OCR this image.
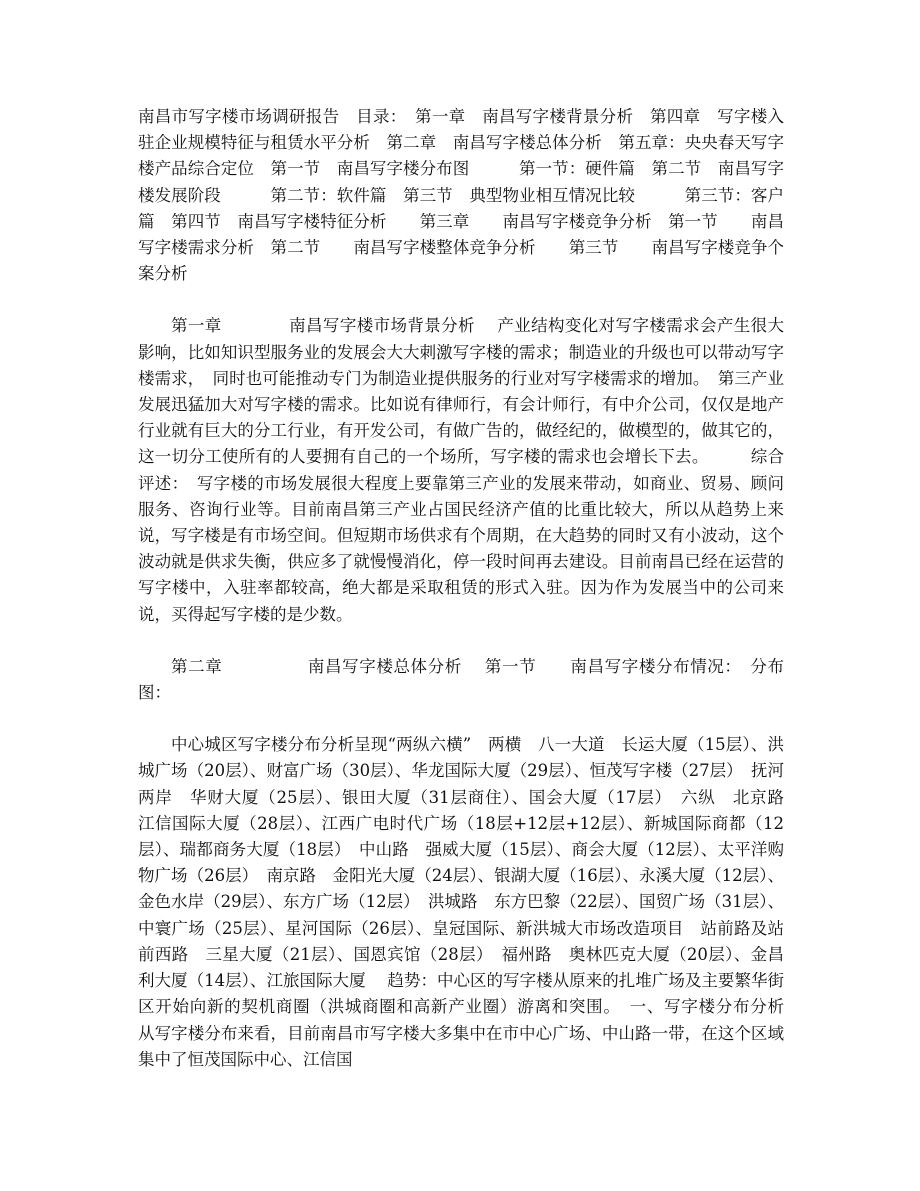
南昌市写字楼市场调研报告　目录：　第一章　南昌写字楼背景分析　第四章　写字楼入驻企业规模特征与租赁水平分析　第二章　南昌写字楼总体分析　第五章：央央春天写字楼产品综合定位　第一节　南昌写字楼分布图　　　第一节：硬件篇　第二节　南昌写字楼发展阶段　　　第二节：软件篇　第三节　典型物业相互情况比较　　　第三节：客户篇　第四节　南昌写字楼特征分析　　第三章　　南昌写字楼竞争分析　第一节　　南昌写字楼需求分析　第二节　　南昌写字楼整体竞争分析　　第三节　　南昌写字楼竞争个案分析

第一章　　　　南昌写字楼市场背景分析　 产业结构变化对写字楼需求会产生很大影响，比如知识型服务业的发展会大大刺激写字楼的需求；制造业的升级也可以带动写字楼需求，　同时也可能推动专门为制造业提供服务的行业对写字楼需求的增加。　第三产业发展迅猛加大对写字楼的需求。比如说有律师行，有会计师行，有中介公司，仅仅是地产行业就有巨大的分工行业，有开发公司，有做广告的，做经纪的，做模型的，做其它的，这一切分工使所有的人要拥有自己的一个场所，写字楼的需求也会增长下去。　　　综合评述：　写字楼的市场发展很大程度上要靠第三产业的发展来带动，如商业、贸易、顾问服务、咨询行业等。目前南昌第三产业占国民经济产值的比重比较大，所以从趋势上来说，写字楼是有市场空间。但短期市场供求有个周期，在大趋势的同时又有小波动，这个波动就是供求失衡，供应多了就慢慢消化，停一段时间再去建设。目前南昌已经在运营的写字楼中，入驻率都较高，绝大都是采取租赁的形式入驻。因为作为发展当中的公司来说，买得起写字楼的是少数。

第二章　　　　　南昌写字楼总体分析　 第一节　　南昌写字楼分布情况：　分布图：

中心城区写字楼分布分析呈现“两纵六横”　两横　八一大道　长运大厦（15层）、洪城广场（20层）、财富广场（30层）、华龙国际大厦（29层）、恒茂写字楼（27层）　抚河两岸　华财大厦（25层）、银田大厦（31层商住）、国会大厦（17层）　六纵　北京路　江信国际大厦（28层）、江西广电时代广场（18层+12层+12层）、新城国际商都（12层）、瑞都商务大厦（18层）　中山路　强威大厦（15层）、商会大厦（12层）、太平洋购物广场（26层）　南京路　金阳光大厦（24层）、银湖大厦（16层）、永溪大厦（12层）、金色水岸（29层）、东方广场（12层）　洪城路　东方巴黎（22层）、国贸广场（31层）、中寰广场（25层）、星河国际（26层）、皇冠国际、新洪城大市场改造项目　站前路及站前西路　三星大厦（21层）、国恩宾馆（28层）　福州路　奥林匹克大厦（20层）、金昌利大厦（14层）、江旅国际大厦　 趋势：中心区的写字楼从原来的扎堆广场及主要繁华街区开始向新的契机商圈（洪城商圈和高新产业圈）游离和突围。　一、写字楼分布分析　从写字楼分布来看，目前南昌市写字楼大多集中在市中心广场、中山路一带，在这个区域集中了恒茂国际中心、江信国
